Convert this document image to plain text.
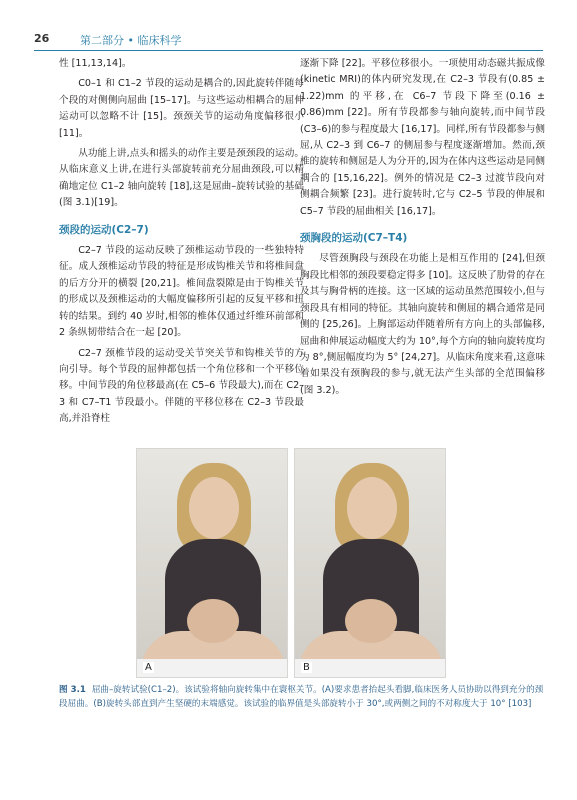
26	第二部分 • 临床科学

性 [11,13,14]。

C0–1 和 C1–2 节段的运动是耦合的,因此旋转伴随每个段的对侧侧向屈曲 [15–17]。与这些运动相耦合的屈伸运动可以忽略不计 [15]。颈颈关节的运动角度偏移很小 [11]。

从功能上讲,点头和摇头的动作主要是颈颈段的运动。从临床意义上讲,在进行头部旋转前充分屈曲颈段,可以精确地定位 C1–2 轴向旋转 [18],这是屈曲–旋转试验的基础(图 3.1)[19]。

颈段的运动(C2–7)

C2–7 节段的运动反映了颈椎运动节段的一些独特特征。成人颈椎运动节段的特征是形成钩椎关节和将椎间盘的后方分开的横裂 [20,21]。椎间盘裂隙是由于钩椎关节的形成以及颈椎运动的大幅度偏移所引起的反复平移和扭转的结果。到约 40 岁时,相邻的椎体仅通过纤维环前部和 2 条纵韧带结合在一起 [20]。

C2–7 颈椎节段的运动受关节突关节和钩椎关节的方向引导。每个节段的屈伸都包括一个角位移和一个平移位移。中间节段的角位移最高(在 C5–6 节段最大),而在 C2–3 和 C7–T1 节段最小。伴随的平移位移在 C2–3 节段最高,并沿脊柱

逐渐下降 [22]。平移位移很小。一项使用动态磁共振成像(kinetic MRI)的体内研究发现,在 C2–3 节段有(0.85 ± 1.22)mm 的平移,在 C6–7 节段下降至(0.16 ± 0.86)mm [22]。所有节段都参与轴向旋转,而中间节段(C3–6)的参与程度最大 [16,17]。同样,所有节段都参与侧屈,从 C2–3 到 C6–7 的侧屈参与程度逐渐增加。然而,颈椎的旋转和侧屈是人为分开的,因为在体内这些运动是同侧耦合的 [15,16,22]。例外的情况是 C2–3 过渡节段向对侧耦合频繁 [23]。进行旋转时,它与 C2–5 节段的伸展和 C5–7 节段的屈曲相关 [16,17]。

颈胸段的运动(C7–T4)

尽管颈胸段与颈段在功能上是相互作用的 [24],但颈胸段比相邻的颈段要稳定得多 [10]。这反映了肋骨的存在及其与胸骨柄的连接。这一区域的运动虽然范围较小,但与颈段具有相同的特征。其轴向旋转和侧屈的耦合通常是同侧的 [25,26]。上胸部运动伴随着所有方向上的头部偏移,屈曲和伸展运动幅度大约为 10°,每个方向的轴向旋转度均为 8°,侧屈幅度均为 5° [24,27]。从临床角度来看,这意味着如果没有颈胸段的参与,就无法产生头部的全范围偏移(图 3.2)。

A	B
图 3.1 屈曲–旋转试验(C1–2)。该试验将轴向旋转集中在寰枢关节。(A)要求患者抬起头看脚,临床医务人员协助以得到充分的颈段屈曲。(B)旋转头部直到产生坚硬的末端感觉。该试验的临界值是头部旋转小于 30°,或两侧之间的不对称度大于 10° [103]
